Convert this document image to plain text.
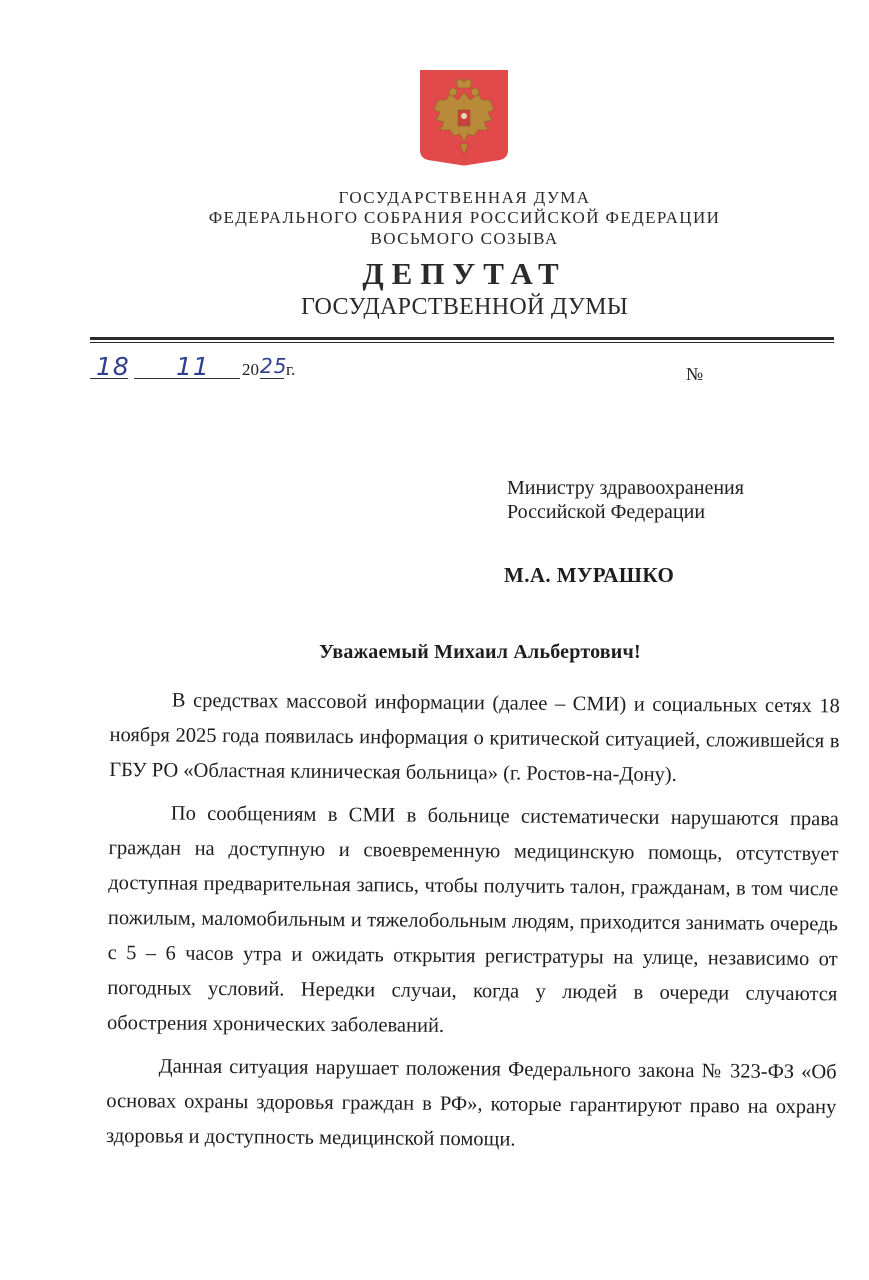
ГОСУДАРСТВЕННАЯ ДУМА
ФЕДЕРАЛЬНОГО СОБРАНИЯ РОССИЙСКОЙ ФЕДЕРАЦИИ
ВОСЬМОГО СОЗЫВА
ДЕПУТАТ
ГОСУДАРСТВЕННОЙ ДУМЫ
18 11 20 25
г.	№
Министру здравоохранения
Российской Федерации
М.А. МУРАШКО
Уважаемый Михаил Альбертович!

В средствах массовой информации (далее – СМИ) и социальных сетях 18 ноября 2025 года появилась информация о критической ситуацией, сложившейся в ГБУ РО «Областная клиническая больница» (г. Ростов-на-Дону).

По сообщениям в СМИ в больнице систематически нарушаются права граждан на доступную и своевременную медицинскую помощь, отсутствует доступная предварительная запись, чтобы получить талон, гражданам, в том числе пожилым, маломобильным и тяжелобольным людям, приходится занимать очередь с 5 – 6 часов утра и ожидать открытия регистратуры на улице, независимо от погодных условий. Нередки случаи, когда у людей в очереди случаются обострения хронических заболеваний.

Данная ситуация нарушает положения Федерального закона № 323-ФЗ «Об основах охраны здоровья граждан в РФ», которые гарантируют право на охрану здоровья и доступность медицинской помощи.
